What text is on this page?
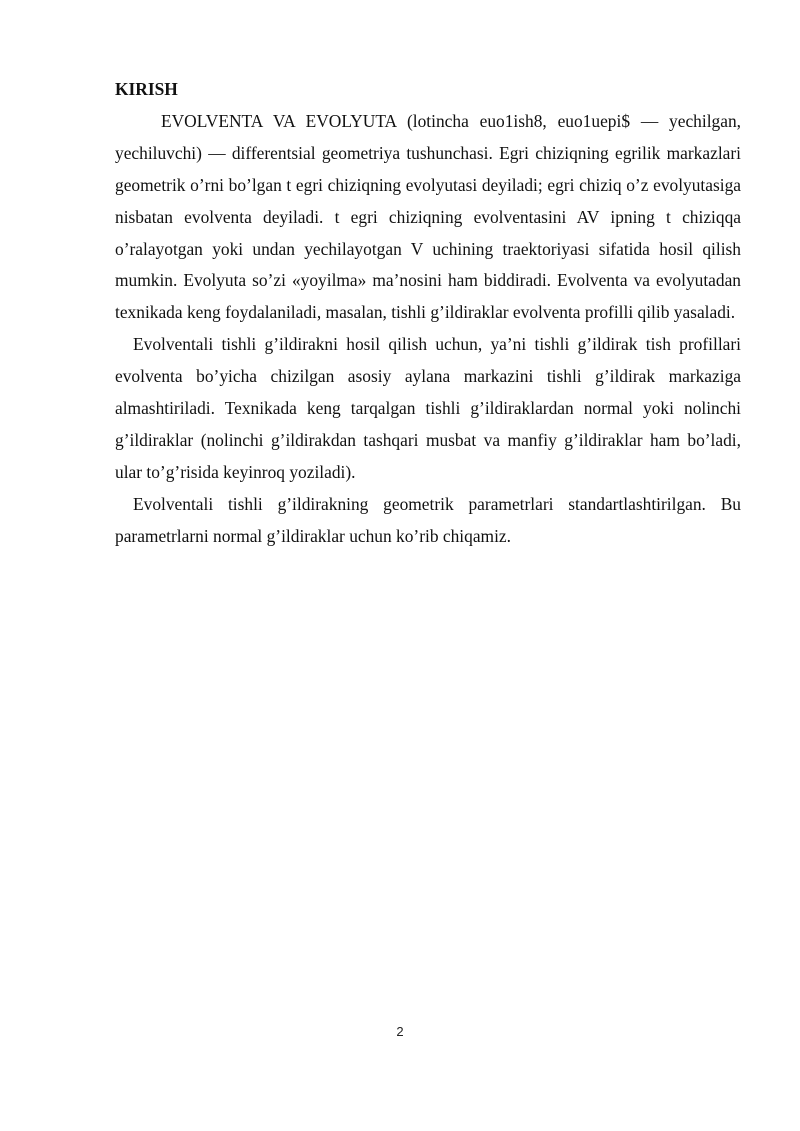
KIRISH

EVOLVENTA VA EVOLYUTA (lotincha euo1ish8, euo1uepi$ — yechilgan, yechiluvchi) — differentsial geometriya tushunchasi. Egri chiziqning egrilik markazlari geometrik o’rni bo’lgan t egri chiziqning evolyutasi deyiladi; egri chiziq o’z evolyutasiga nisbatan evolventa deyiladi. t egri chiziqning evolventasini AV ipning t chiziqqa o’ralayotgan yoki undan yechilayotgan V uchining traektoriyasi sifatida hosil qilish mumkin. Evolyuta so’zi «yoyilma» ma’nosini ham biddiradi. Evolventa va evolyutadan texnikada keng foydalaniladi, masalan, tishli g’ildiraklar evolventa profilli qilib yasaladi.

Evolventali tishli g’ildirakni hosil qilish uchun, ya’ni tishli g’ildirak tish profillari evolventa bo’yicha chizilgan asosiy aylana markazini tishli g’ildirak markaziga almashtiriladi. Texnikada keng tarqalgan tishli g’ildiraklardan normal yoki nolinchi g’ildiraklar (nolinchi g’ildirakdan tashqari musbat va manfiy g’ildiraklar ham bo’ladi, ular to’g’risida keyinroq yoziladi).

Evolventali tishli g’ildirakning geometrik parametrlari standartlashtirilgan. Bu parametrlarni normal g’ildiraklar uchun ko’rib chiqamiz.

2
